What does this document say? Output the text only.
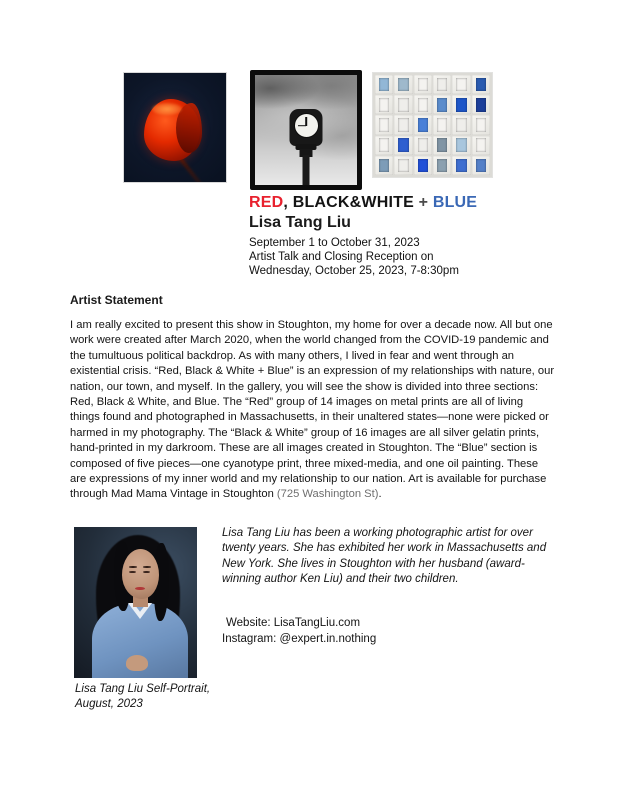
RED, BLACK&WHITE + BLUE
Lisa Tang Liu
September 1 to October 31, 2023
Artist Talk and Closing Reception on
Wednesday, October 25, 2023, 7-8:30pm
Artist Statement
I am really excited to present this show in Stoughton, my home for over a decade now. All but one work were created after March 2020, when the world changed from the COVID-19 pandemic and the tumultuous political backdrop. As with many others, I lived in fear and went through an existential crisis. “Red, Black & White + Blue” is an expression of my relationships with nature, our nation, our town, and myself. In the gallery, you will see the show is divided into three sections: Red, Black & White, and Blue. The “Red” group of 14 images on metal prints are all of living things found and photographed in Massachusetts, in their unaltered states—none were picked or harmed in my photography. The “Black & White” group of 16 images are all silver gelatin prints, hand-printed in my darkroom. These are all images created in Stoughton. The “Blue” section is composed of five pieces—one cyanotype print, three mixed-media, and one oil painting. These are expressions of my inner world and my relationship to our nation. Art is available for purchase through Mad Mama Vintage in Stoughton (725 Washington St).
Lisa Tang Liu has been a working photographic artist for over twenty years. She has exhibited her work in Massachusetts and New York. She lives in Stoughton with her husband (award-winning author Ken Liu) and their two children.
Website: LisaTangLiu.com
Instagram: @expert.in.nothing
Lisa Tang Liu Self-Portrait,
August, 2023
